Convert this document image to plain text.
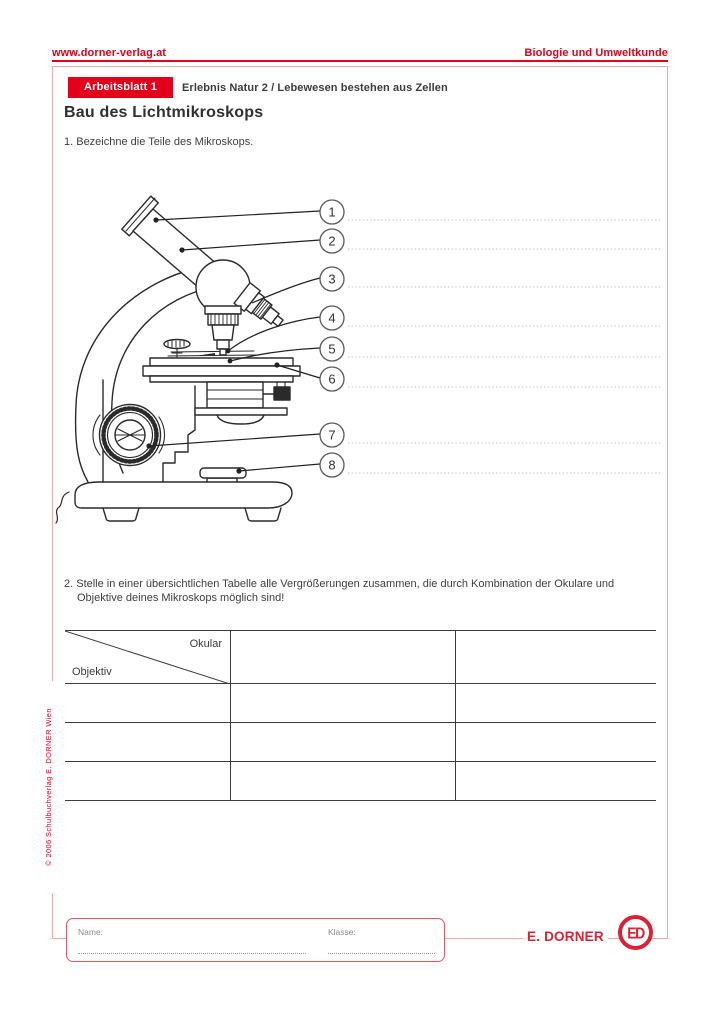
www.dorner-verlag.at	Biologie und Umweltkunde
Arbeitsblatt 1	Erlebnis Natur 2 / Lebewesen bestehen aus Zellen
Bau des Lichtmikroskops
1. Bezeichne die Teile des Mikroskops.
1
2
3
4
5
6
7
8
2. Stelle in einer übersichtlichen Tabelle alle Vergrößerungen zusammen, die durch Kombination der Okulare und
Objektive deines Mikroskops möglich sind!
Okular
Objektiv
© 2006 Schulbuchverlag E. DORNER Wien
Name:	Klasse:	E. DORNER ED
